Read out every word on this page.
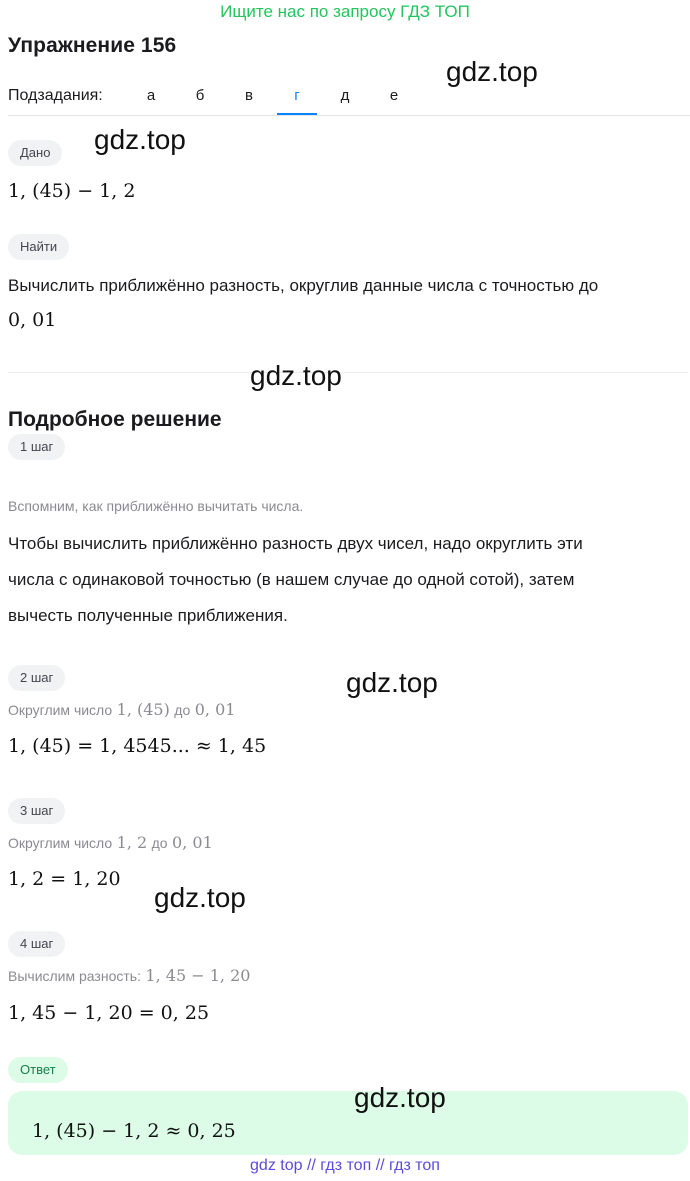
Ищите нас по запросу ГДЗ ТОП
Упражнение 156
gdz.top
Подзадания:	а	б	в	г	д	е
Дано	gdz.top
1, (45) − 1, 2
Найти
Вычислить приближённо разность, округлив данные числа с точностью до
0, 01
gdz.top
Подробное решение
1 шаг
Вспомним, как приближённо вычитать числа.
Чтобы вычислить приближённо разность двух чисел, надо округлить эти
числа с одинаковой точностью (в нашем случае до одной сотой), затем
вычесть полученные приближения.
2 шаг	gdz.top
Округлим число 1, (45) до 0, 01
1, (45) = 1, 4545... ≈ 1, 45
3 шаг
Округлим число 1, 2 до 0, 01
1, 2 = 1, 20
gdz.top
4 шаг
Вычислим разность: 1, 45 − 1, 20
1, 45 − 1, 20 = 0, 25
Ответ
1, (45) − 1, 2 ≈ 0, 25
gdz.top
gdz top // гдз топ // гдз топ
